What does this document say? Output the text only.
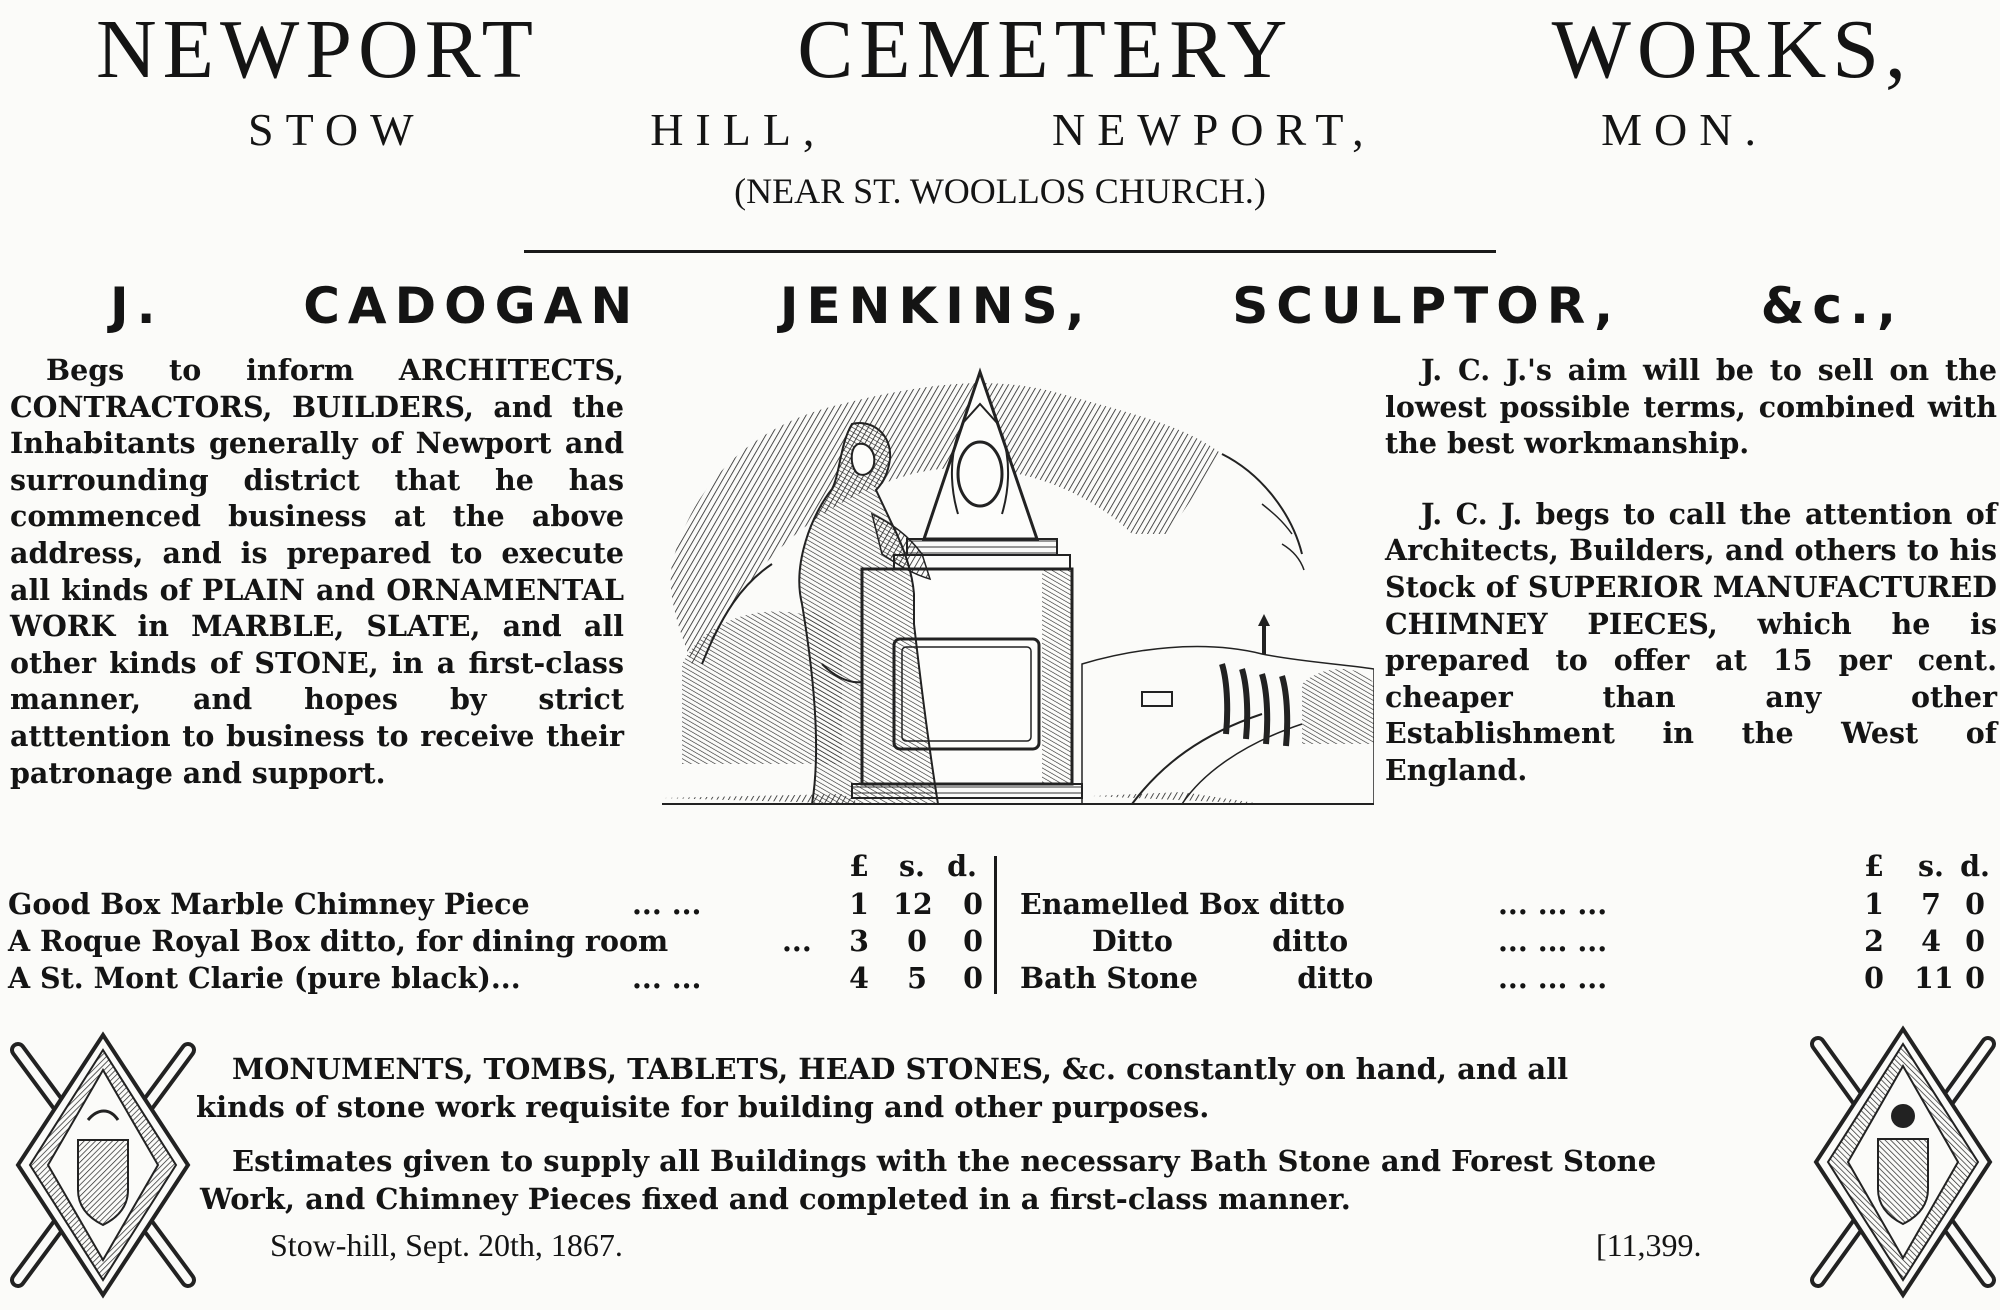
NEWPORT	CEMETERY	WORKS,
STOW HILL, NEWPORT, MON.
(NEAR ST. WOOLLOS CHURCH.)
J.	CADOGAN	JENKINS,	SCULPTOR,	&c.,

Begs to inform ARCHITECTS, CONTRACTORS, BUILDERS, and the Inhabitants generally of Newport and surrounding district that he has commenced business at the above address, and is prepared to execute all kinds of PLAIN and ORNAMENTAL WORK in MARBLE, SLATE, and all other kinds of STONE, in a first-class manner, and hopes by strict atttention to business to receive their patronage and support.

J. C. J.'s aim will be to sell on the lowest possible terms, combined with the best workmanship.

J. C. J. begs to call the attention of Architects, Builders, and others to his Stock of SUPERIOR MANUFACTURED CHIMNEY PIECES, which he is prepared to offer at 15 per cent. cheaper than any other Establishment in the West of England.

£ s. d.	£ s. d.
Good Box Marble Chimney Piece	... ...	1 12 0
A Roque Royal Box ditto, for dining room	... 3 0 0
A St. Mont Clarie (pure black)...	... ...	4 5 0
Enamelled Box ditto	... ... ...	1 7 0
Ditto          ditto	... ... ...	2 4 0
Bath Stone          ditto	... ... ...	0 11 0
MONUMENTS, TOMBS, TABLETS, HEAD STONES, &c. constantly on hand, and all
kinds of stone work requisite for building and other purposes.
Estimates given to supply all Buildings with the necessary Bath Stone and Forest Stone
Work, and Chimney Pieces fixed and completed in a first-class manner.
Stow-hill, Sept. 20th, 1867.	[11,399.
